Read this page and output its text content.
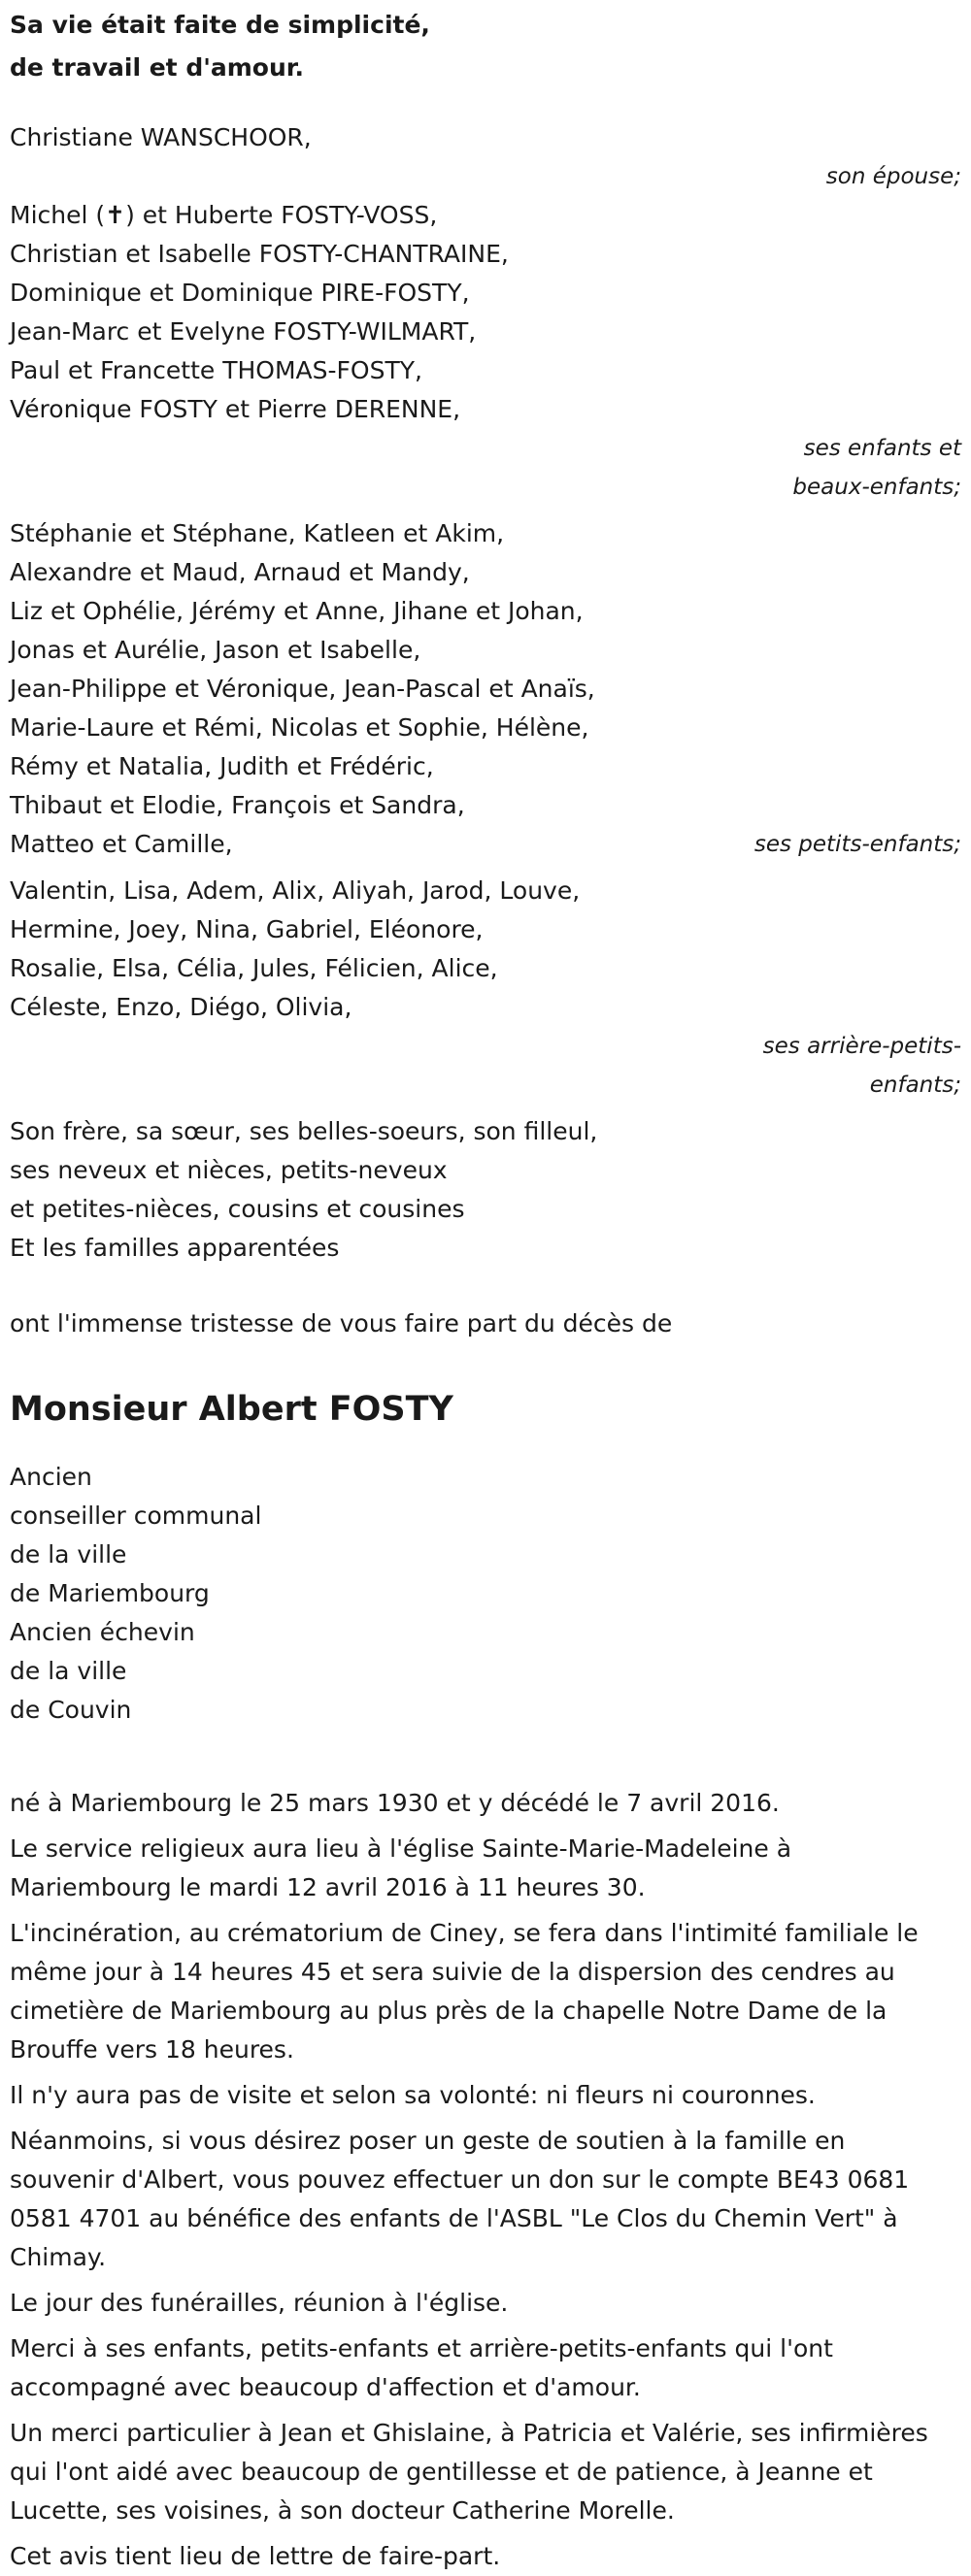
Sa vie était faite de simplicité,
de travail et d'amour.
Christiane WANSCHOOR,
son épouse;
Michel (✝) et Huberte FOSTY-VOSS,
Christian et Isabelle FOSTY-CHANTRAINE,
Dominique et Dominique PIRE-FOSTY,
Jean-Marc et Evelyne FOSTY-WILMART,
Paul et Francette THOMAS-FOSTY,
Véronique FOSTY et Pierre DERENNE,
ses enfants et
beaux-enfants;
Stéphanie et Stéphane, Katleen et Akim,
Alexandre et Maud, Arnaud et Mandy,
Liz et Ophélie, Jérémy et Anne, Jihane et Johan,
Jonas et Aurélie, Jason et Isabelle,
Jean-Philippe et Véronique, Jean-Pascal et Anaïs,
Marie-Laure et Rémi, Nicolas et Sophie, Hélène,
Rémy et Natalia, Judith et Frédéric,
Thibaut et Elodie, François et Sandra,
Matteo et Camille,	ses petits-enfants;
Valentin, Lisa, Adem, Alix, Aliyah, Jarod, Louve,
Hermine, Joey, Nina, Gabriel, Eléonore,
Rosalie, Elsa, Célia, Jules, Félicien, Alice,
Céleste, Enzo, Diégo, Olivia,
ses arrière-petits-
enfants;
Son frère, sa sœur, ses belles-soeurs, son filleul,
ses neveux et nièces, petits-neveux
et petites-nièces, cousins et cousines
Et les familles apparentées
ont l'immense tristesse de vous faire part du décès de
Monsieur Albert FOSTY
Ancien
conseiller communal
de la ville
de Mariembourg
Ancien échevin
de la ville
de Couvin
né à Mariembourg le 25 mars 1930 et y décédé le 7 avril 2016.
Le service religieux aura lieu à l'église Sainte-Marie-Madeleine à Mariembourg le mardi 12 avril 2016 à 11 heures 30.
L'incinération, au crématorium de Ciney, se fera dans l'intimité familiale le même jour à 14 heures 45 et sera suivie de la dispersion des cendres au cimetière de Mariembourg au plus près de la chapelle Notre Dame de la Brouffe vers 18 heures.
Il n'y aura pas de visite et selon sa volonté: ni fleurs ni couronnes.
Néanmoins, si vous désirez poser un geste de soutien à la famille en souvenir d'Albert, vous pouvez effectuer un don sur le compte BE43 0681 0581 4701 au bénéfice des enfants de l'ASBL "Le Clos du Chemin Vert" à Chimay.
Le jour des funérailles, réunion à l'église.
Merci à ses enfants, petits-enfants et arrière-petits-enfants qui l'ont accompagné avec beaucoup d'affection et d'amour.
Un merci particulier à Jean et Ghislaine, à Patricia et Valérie, ses infirmières qui l'ont aidé avec beaucoup de gentillesse et de patience, à Jeanne et Lucette, ses voisines, à son docteur Catherine Morelle.
Cet avis tient lieu de lettre de faire-part.
